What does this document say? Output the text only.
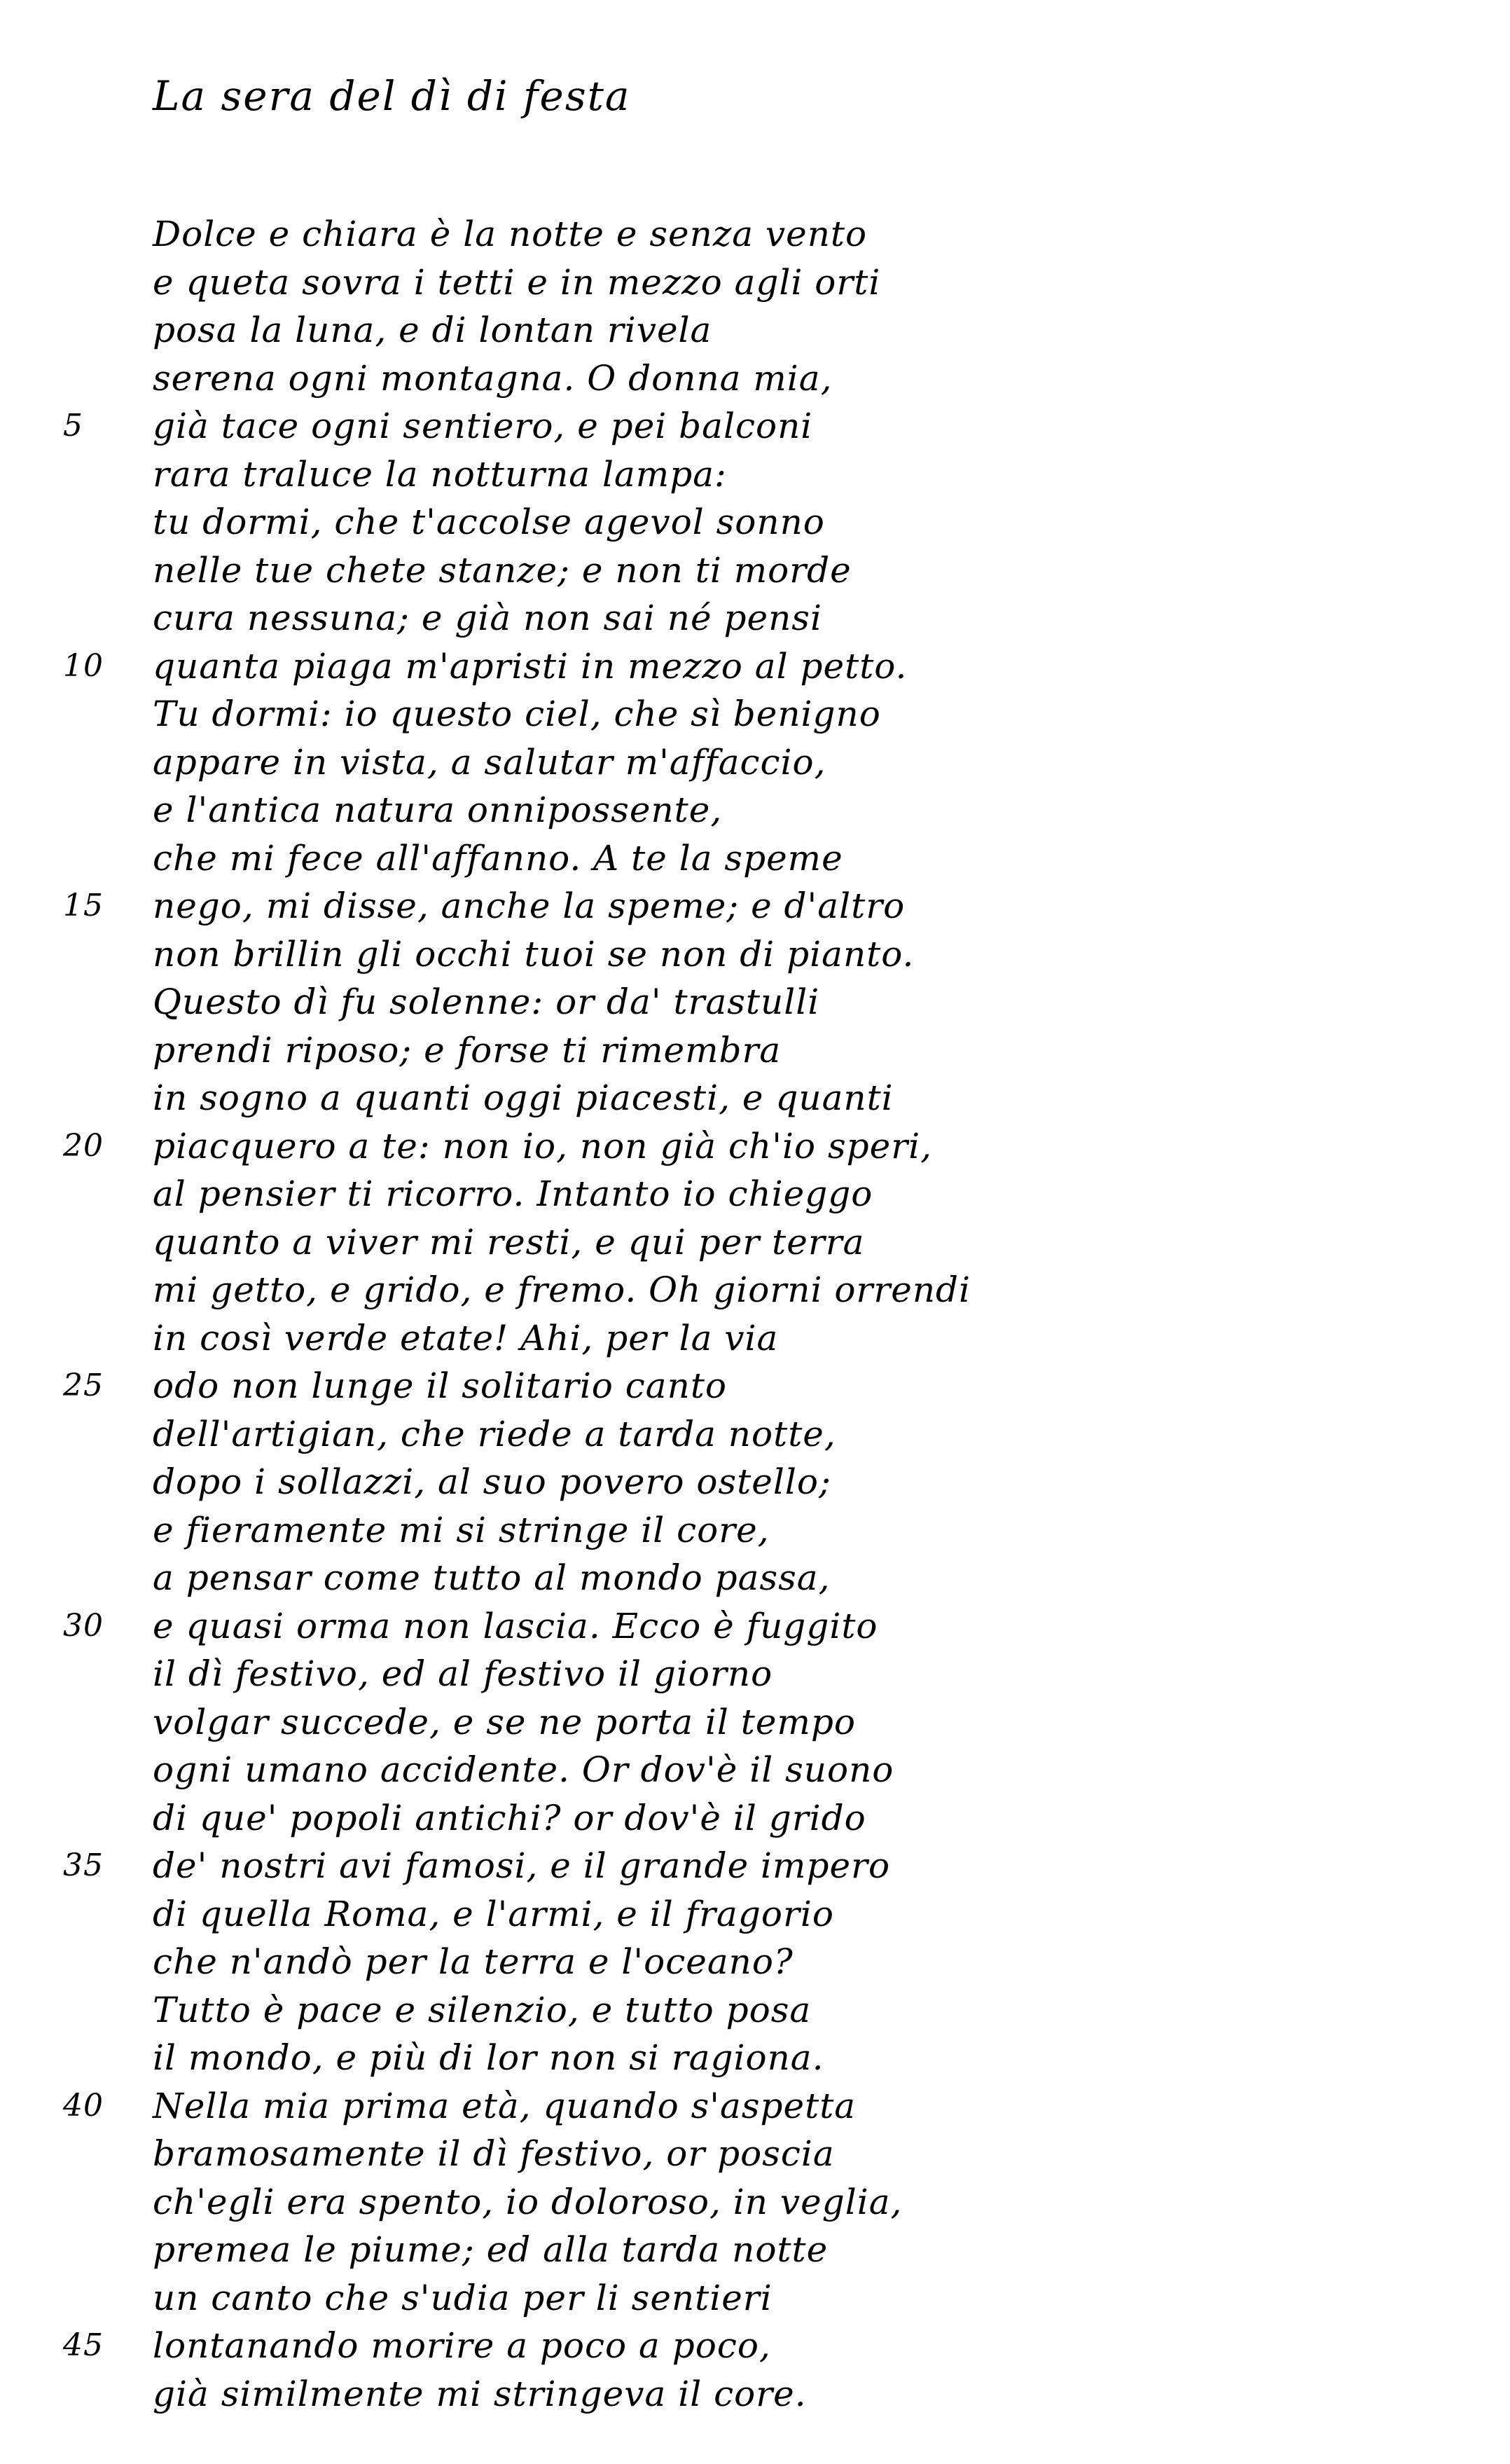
La sera del dì di festa
Dolce e chiara è la notte e senza vento
e queta sovra i tetti e in mezzo agli orti
posa la luna, e di lontan rivela
serena ogni montagna. O donna mia,
5	già tace ogni sentiero, e pei balconi
rara traluce la notturna lampa:
tu dormi, che t'accolse agevol sonno
nelle tue chete stanze; e non ti morde
cura nessuna; e già non sai né pensi
10	quanta piaga m'apristi in mezzo al petto.
Tu dormi: io questo ciel, che sì benigno
appare in vista, a salutar m'affaccio,
e l'antica natura onnipossente,
che mi fece all'affanno. A te la speme
15	nego, mi disse, anche la speme; e d'altro
non brillin gli occhi tuoi se non di pianto.
Questo dì fu solenne: or da' trastulli
prendi riposo; e forse ti rimembra
in sogno a quanti oggi piacesti, e quanti
20	piacquero a te: non io, non già ch'io speri,
al pensier ti ricorro. Intanto io chieggo
quanto a viver mi resti, e qui per terra
mi getto, e grido, e fremo. Oh giorni orrendi
in così verde etate! Ahi, per la via
25	odo non lunge il solitario canto
dell'artigian, che riede a tarda notte,
dopo i sollazzi, al suo povero ostello;
e fieramente mi si stringe il core,
a pensar come tutto al mondo passa,
30	e quasi orma non lascia. Ecco è fuggito
il dì festivo, ed al festivo il giorno
volgar succede, e se ne porta il tempo
ogni umano accidente. Or dov'è il suono
di que' popoli antichi? or dov'è il grido
35	de' nostri avi famosi, e il grande impero
di quella Roma, e l'armi, e il fragorio
che n'andò per la terra e l'oceano?
Tutto è pace e silenzio, e tutto posa
il mondo, e più di lor non si ragiona.
40	Nella mia prima età, quando s'aspetta
bramosamente il dì festivo, or poscia
ch'egli era spento, io doloroso, in veglia,
premea le piume; ed alla tarda notte
un canto che s'udia per li sentieri
45	lontanando morire a poco a poco,
già similmente mi stringeva il core.
